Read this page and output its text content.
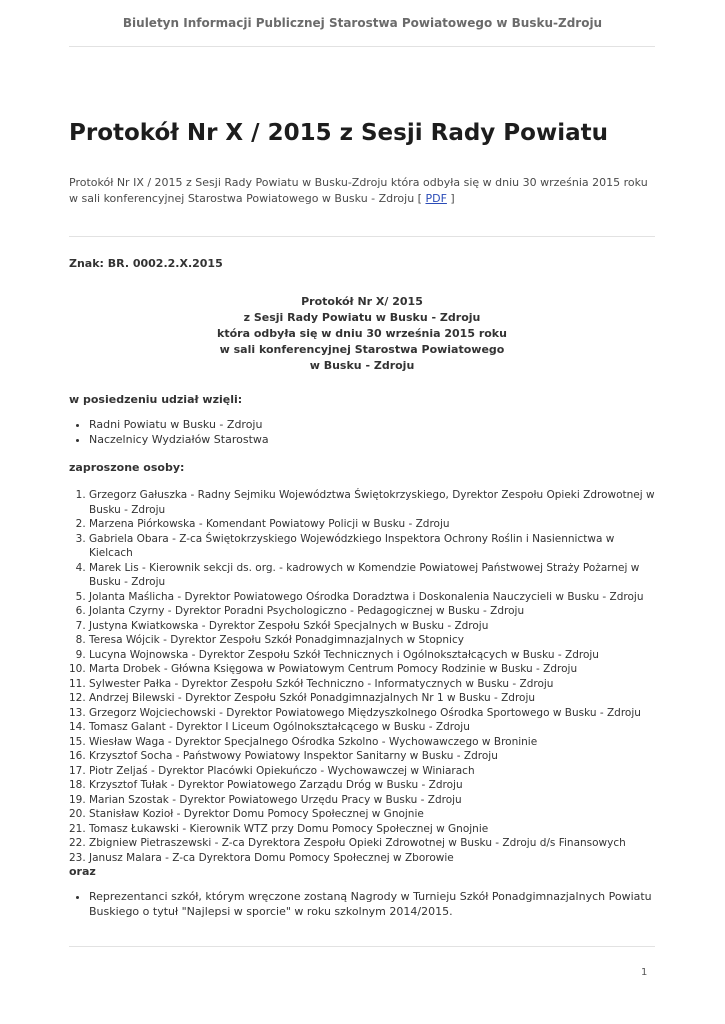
Biuletyn Informacji Publicznej Starostwa Powiatowego w Busku-Zdroju
Protokół Nr X / 2015 z Sesji Rady Powiatu
Protokół Nr IX / 2015 z Sesji Rady Powiatu w Busku-Zdroju która odbyła się w dniu 30 września 2015 roku w sali konferencyjnej Starostwa Powiatowego w Busku - Zdroju [ PDF ]
Znak: BR. 0002.2.X.2015
Protokół Nr X/ 2015
z Sesji Rady Powiatu w Busku - Zdroju
która odbyła się w dniu 30 września 2015 roku
w sali konferencyjnej Starostwa Powiatowego
w Busku - Zdroju
w posiedzeniu udział wzięli:
• Radni Powiatu w Busku - Zdroju
• Naczelnicy Wydziałów Starostwa
zaproszone osoby:
1. Grzegorz Gałuszka - Radny Sejmiku Województwa Świętokrzyskiego, Dyrektor Zespołu Opieki Zdrowotnej w Busku - Zdroju
2. Marzena Piórkowska - Komendant Powiatowy Policji w Busku - Zdroju
3. Gabriela Obara - Z-ca Świętokrzyskiego Wojewódzkiego Inspektora Ochrony Roślin i Nasiennictwa w Kielcach
4. Marek Lis - Kierownik sekcji ds. org. - kadrowych w Komendzie Powiatowej Państwowej Straży Pożarnej w Busku - Zdroju
5. Jolanta Maślicha - Dyrektor Powiatowego Ośrodka Doradztwa i Doskonalenia Nauczycieli w Busku - Zdroju
6. Jolanta Czyrny - Dyrektor Poradni Psychologiczno - Pedagogicznej w Busku - Zdroju
7. Justyna Kwiatkowska - Dyrektor Zespołu Szkół Specjalnych w Busku - Zdroju
8. Teresa Wójcik - Dyrektor Zespołu Szkół Ponadgimnazjalnych w Stopnicy
9. Lucyna Wojnowska - Dyrektor Zespołu Szkół Technicznych i Ogólnokształcących w Busku - Zdroju
10. Marta Drobek - Główna Księgowa w Powiatowym Centrum Pomocy Rodzinie w Busku - Zdroju
11. Sylwester Pałka - Dyrektor Zespołu Szkół Techniczno - Informatycznych w Busku - Zdroju
12. Andrzej Bilewski - Dyrektor Zespołu Szkół Ponadgimnazjalnych Nr 1 w Busku - Zdroju
13. Grzegorz Wojciechowski - Dyrektor Powiatowego Międzyszkolnego Ośrodka Sportowego w Busku - Zdroju
14. Tomasz Galant - Dyrektor I Liceum Ogólnokształcącego w Busku - Zdroju
15. Wiesław Waga - Dyrektor Specjalnego Ośrodka Szkolno - Wychowawczego w Broninie
16. Krzysztof Socha - Państwowy Powiatowy Inspektor Sanitarny w Busku - Zdroju
17. Piotr Zeljaś - Dyrektor Placówki Opiekuńczo - Wychowawczej w Winiarach
18. Krzysztof Tułak - Dyrektor Powiatowego Zarządu Dróg w Busku - Zdroju
19. Marian Szostak - Dyrektor Powiatowego Urzędu Pracy w Busku - Zdroju
20. Stanisław Kozioł - Dyrektor Domu Pomocy Społecznej w Gnojnie
21. Tomasz Łukawski - Kierownik WTZ przy Domu Pomocy Społecznej w Gnojnie
22. Zbigniew Pietraszewski - Z-ca Dyrektora Zespołu Opieki Zdrowotnej w Busku - Zdroju d/s Finansowych
23. Janusz Malara - Z-ca Dyrektora Domu Pomocy Społecznej w Zborowie
oraz
• Reprezentanci szkół, którym wręczone zostaną Nagrody w Turnieju Szkół Ponadgimnazjalnych Powiatu Buskiego o tytuł "Najlepsi w sporcie" w roku szkolnym 2014/2015.
1
